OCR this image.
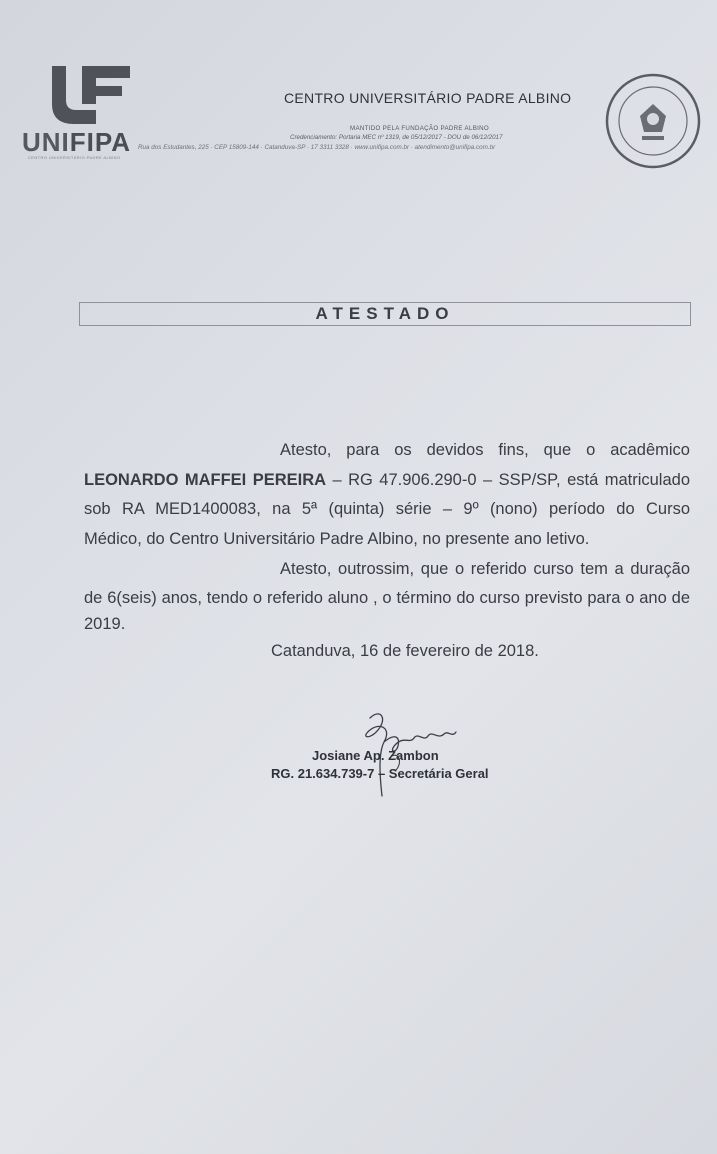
UNIFIPA
CENTRO UNIVERSITÁRIO PADRE ALBINO
Rua dos Estudantes, 225 · CEP 15809-144 · Catanduva-SP · 17 3311 3328 · www.unifipa.com.br · atendimento@unifipa.com.br
CENTRO UNIVERSITÁRIO PADRE ALBINO
MANTIDO PELA FUNDAÇÃO PADRE ALBINO
Credenciamento: Portaria MEC nº 1319, de 05/12/2017 - DOU de 06/12/2017
ATESTADO
Atesto, para os devidos fins, que o acadêmico
LEONARDO MAFFEI PEREIRA – RG 47.906.290-0 – SSP/SP, está matriculado
sob RA MED1400083, na 5ª (quinta) série – 9º (nono) período do Curso
Médico, do Centro Universitário Padre Albino, no presente ano letivo.
Atesto, outrossim, que o referido curso tem a duração
de 6(seis) anos, tendo o referido aluno , o término do curso previsto para o ano de
2019.
Catanduva, 16 de fevereiro de 2018.
Josiane Ap. Zambon
RG. 21.634.739-7 – Secretária Geral
